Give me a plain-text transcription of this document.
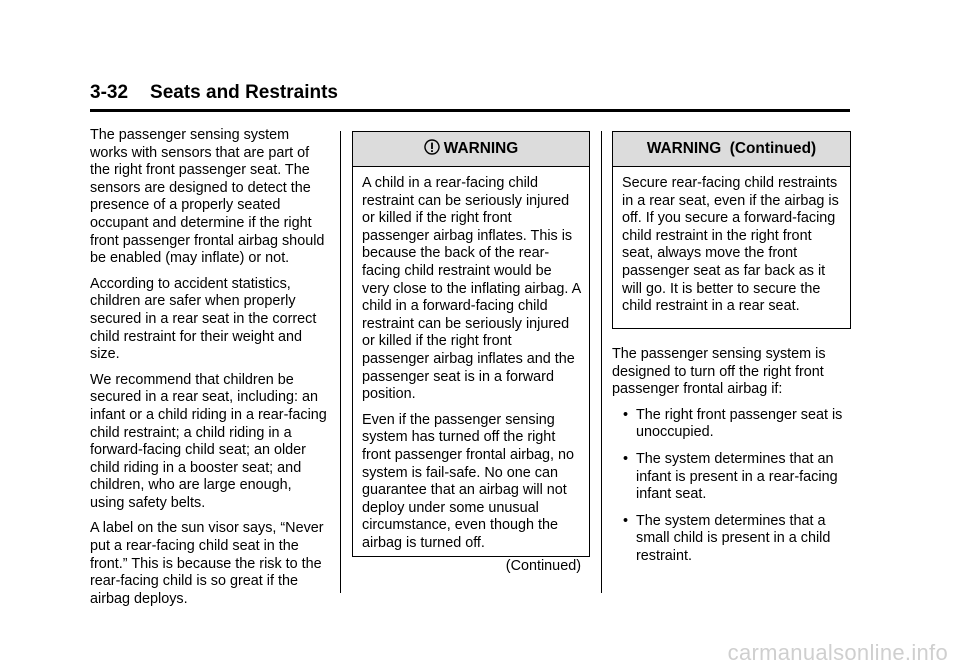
3-32 Seats and Restraints

The passenger sensing system works with sensors that are part of the right front passenger seat. The sensors are designed to detect the presence of a properly seated occupant and determine if the right front passenger frontal airbag should be enabled (may inflate) or not.

According to accident statistics, children are safer when properly secured in a rear seat in the correct child restraint for their weight and size.

We recommend that children be secured in a rear seat, including: an infant or a child riding in a rear-facing child restraint; a child riding in a forward-facing child seat; an older child riding in a booster seat; and children, who are large enough, using safety belts.

A label on the sun visor says, “Never put a rear-facing child seat in the front.” This is because the risk to the rear-facing child is so great if the airbag deploys.

WARNING

A child in a rear-facing child restraint can be seriously injured or killed if the right front passenger airbag inflates. This is because the back of the rear-facing child restraint would be very close to the inflating airbag. A child in a forward-facing child restraint can be seriously injured or killed if the right front passenger airbag inflates and the passenger seat is in a forward position.

Even if the passenger sensing system has turned off the right front passenger frontal airbag, no system is fail-safe. No one can guarantee that an airbag will not deploy under some unusual circumstance, even though the airbag is turned off.

(Continued)
WARNING  (Continued)

Secure rear-facing child restraints in a rear seat, even if the airbag is off. If you secure a forward-facing child restraint in the right front seat, always move the front passenger seat as far back as it will go. It is better to secure the child restraint in a rear seat.

The passenger sensing system is designed to turn off the right front passenger frontal airbag if:

• The right front passenger seat is unoccupied.
• The system determines that an infant is present in a rear-facing infant seat.
• The system determines that a small child is present in a child restraint.
carmanualsonline.info
